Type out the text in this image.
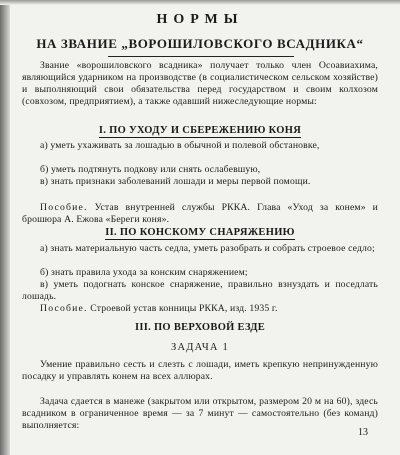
НОРМЫ
НА ЗВАНИЕ „ВОРОШИЛОВСКОГО ВСАДНИКА“

Звание «ворошиловского всадника» получает только член Осоавиахима, являющийся ударником на производстве (в социалистическом сельском хозяйстве) и выполняющий свои обязательства перед государством и своим колхозом (совхозом, предприятием), а также одавший нижеследующие нормы:

I. ПО УХОДУ И СБЕРЕЖЕНИЮ КОНЯ

а) уметь ухаживать за лошадью в обычной и полевой обстановке,

б) уметь подтянуть подкову или снять ослабевшую,

в) знать признаки заболеваний лошади и меры первой помощи.

Пособие. Устав внутренней службы РККА. Глава «Уход за конем» и брошюра А. Ежова «Береги коня».

II. ПО КОНСКОМУ СНАРЯЖЕНИЮ

а) знать материальную часть седла, уметь разобрать и собрать строевое седло;

б) знать правила ухода за конским снаряжением;

в) уметь подогнать конское снаряжение, правильно взнуздать и поседлать лошадь.

Пособие. Строевой устав конницы РККА, изд. 1935 г.

III. ПО ВЕРХОВОЙ ЕЗДЕ
ЗАДАЧА 1

Умение правильно сесть и слезть с лошади, иметь крепкую непринужденную посадку и управлять конем на всех аллюрах.

Задача сдается в манеже (закрытом или открытом, размером 20 м на 60), здесь всадником в ограниченное время — за 7 минут — самостоятельно (без команд) выполняется:

13
